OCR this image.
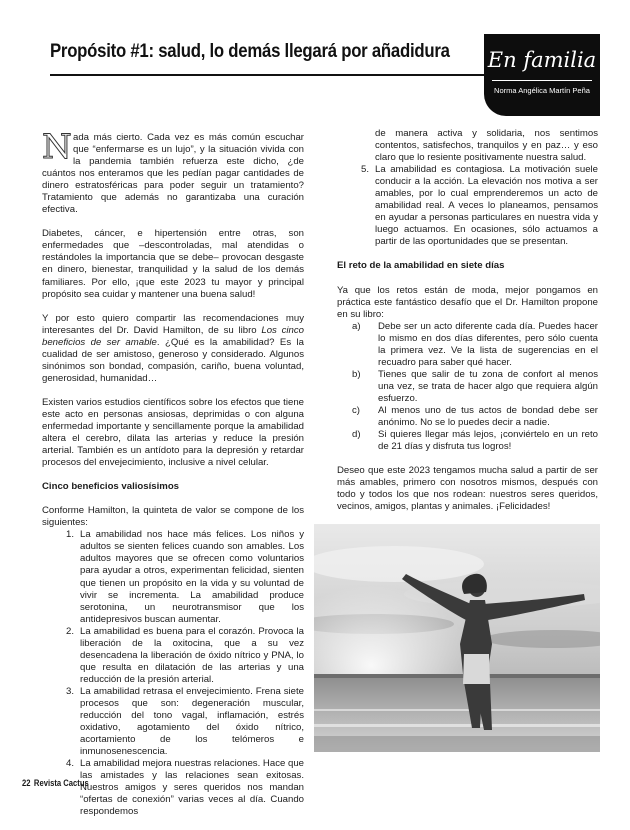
Propósito #1: salud, lo demás llegará por añadidura En familia
Norma Angélica Martín Peña

Nada más cierto. Cada vez es más común escuchar que “enfermarse es un lujo”, y la situación vivida con la pandemia también refuerza este dicho, ¿de cuántos nos enteramos que les pedían pagar cantidades de dinero estratosféricas para poder seguir un tratamiento? Tratamiento que además no garantizaba una curación efectiva.

Diabetes, cáncer, e hipertensión entre otras, son enfermedades que –descontroladas, mal atendidas o restándoles la importancia que se debe– provocan desgaste en dinero, bienestar, tranquilidad y la salud de los demás familiares. Por ello, ¡que este 2023 tu mayor y principal propósito sea cuidar y mantener una buena salud!

Y por esto quiero compartir las recomendaciones muy interesantes del Dr. David Hamilton, de su libro Los cinco beneficios de ser amable. ¿Qué es la amabilidad? Es la cualidad de ser amistoso, generoso y considerado. Algunos sinónimos son bondad, compasión, cariño, buena voluntad, generosidad, humanidad…

Existen varios estudios científicos sobre los efectos que tiene este acto en personas ansiosas, deprimidas o con alguna enfermedad importante y sencillamente porque la amabilidad altera el cerebro, dilata las arterias y reduce la presión arterial. También es un antídoto para la depresión y retardar procesos del envejecimiento, inclusive a nivel celular.

Cinco beneficios valiosísimos

Conforme Hamilton, la quinteta de valor se compone de los siguientes:

1. La amabilidad nos hace más felices. Los niños y adultos se sienten felices cuando son amables. Los adultos mayores que se ofrecen como voluntarios para ayudar a otros, experimentan felicidad, sienten que tienen un propósito en la vida y su voluntad de vivir se incrementa. La amabilidad produce serotonina, un neurotransmisor que los antidepresivos buscan aumentar.
2. La amabilidad es buena para el corazón. Provoca la liberación de la oxitocina, que a su vez desencadena la liberación de óxido nítrico y PNA, lo que resulta en dilatación de las arterias y una reducción de la presión arterial.
3. La amabilidad retrasa el envejecimiento. Frena siete procesos que son: degeneración muscular, reducción del tono vagal, inflamación, estrés oxidativo, agotamiento del óxido nítrico, acortamiento de los telómeros e inmunosenescencia.
4. La amabilidad mejora nuestras relaciones. Hace que las amistades y las relaciones sean exitosas. Nuestros amigos y seres queridos nos mandan “ofertas de conexión” varias veces al día. Cuando respondemos
de manera activa y solidaria, nos sentimos contentos, satisfechos, tranquilos y en paz… y eso claro que lo resiente positivamente nuestra salud.
5. La amabilidad es contagiosa. La motivación suele conducir a la acción. La elevación nos motiva a ser amables, por lo cual emprenderemos un acto de amabilidad real. A veces lo planeamos, pensamos en ayudar a personas particulares en nuestra vida y luego actuamos. En ocasiones, sólo actuamos a partir de las oportunidades que se presentan.

El reto de la amabilidad en siete días

Ya que los retos están de moda, mejor pongamos en práctica este fantástico desafío que el Dr. Hamilton propone en su libro:

a)	Debe ser un acto diferente cada día. Puedes hacer lo mismo en dos días diferentes, pero sólo cuenta la primera vez. Ve la lista de sugerencias en el recuadro para saber qué hacer.
b)	Tienes que salir de tu zona de confort al menos una vez, se trata de hacer algo que requiera algún esfuerzo.
c)	Al menos uno de tus actos de bondad debe ser anónimo. No se lo puedes decir a nadie.
d)	Si quieres llegar más lejos, ¡conviértelo en un reto de 21 días y disfruta tus logros!

Deseo que este 2023 tengamos mucha salud a partir de ser más amables, primero con nosotros mismos, después con todo y todos los que nos rodean: nuestros seres queridos, vecinos, amigos, plantas y animales. ¡Felicidades!

22 Revista Cactus
